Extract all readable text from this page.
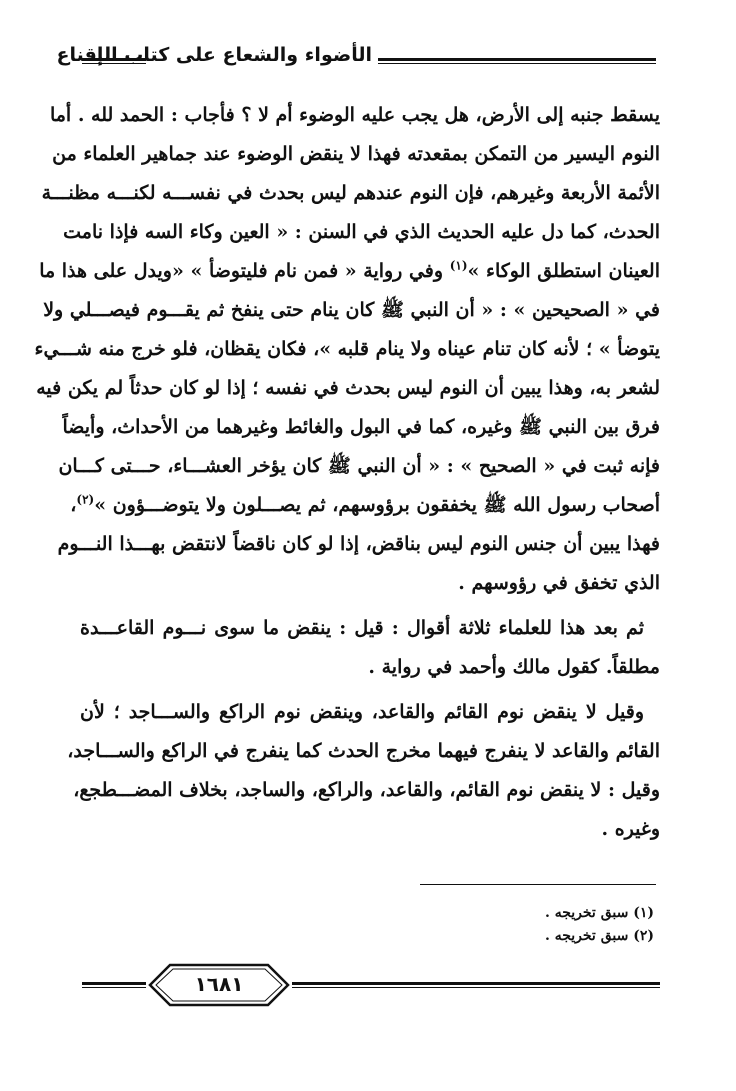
الأضواء والشعاع على كتاب الإقناع
يسقط جنبه إلى الأرض، هل يجب عليه الوضوء أم لا ؟ فأجاب : الحمد لله . أما
النوم اليسير من التمكن بمقعدته فهذا لا ينقض الوضوء عند جماهير العلماء من
الأئمة الأربعة وغيرهم، فإن النوم عندهم ليس بحدث في نفســـه لكنـــه مظنـــة
الحدث، كما دل عليه الحديث الذي في السنن : « العين وكاء السه فإذا نامت
العينان استطلق الوكاء »$^{(١)}$ وفي رواية « فمن نام فليتوضأ » «ويدل على هذا ما
في « الصحيحين » : « أن النبي ﷺ كان ينام حتى ينفخ ثم يقـــوم فيصـــلي ولا
يتوضأ » ؛ لأنه كان تنام عيناه ولا ينام قلبه »، فكان يقظان، فلو خرج منه شـــيء
لشعر به، وهذا يبين أن النوم ليس بحدث في نفسه ؛ إذا لو كان حدثاً لم يكن فيه
فرق بين النبي ﷺ وغيره، كما في البول والغائط وغيرهما من الأحداث، وأيضاً
فإنه ثبت في « الصحيح » : « أن النبي ﷺ كان يؤخر العشـــاء، حـــتى كـــان
أصحاب رسول الله ﷺ يخفقون برؤوسهم، ثم يصـــلون ولا يتوضـــؤون »$^{(٢)}$،
فهذا يبين أن جنس النوم ليس بناقض، إذا لو كان ناقضاً لانتقض بهـــذا النـــوم
الذي تخفق في رؤوسهم .
ثم بعد هذا للعلماء ثلاثة أقوال : قيل : ينقض ما سوى نـــوم القاعـــدة
مطلقاً. كقول مالك وأحمد في رواية .
وقيل لا ينقض نوم القائم والقاعد، وينقض نوم الراكع والســـاجد ؛ لأن
القائم والقاعد لا ينفرج فيهما مخرج الحدث كما ينفرج في الراكع والســـاجد،
وقيل : لا ينقض نوم القائم، والقاعد، والراكع، والساجد، بخلاف المضـــطجع،
وغيره .
(١) سبق تخريجه .
(٢) سبق تخريجه .
١٦٨١
